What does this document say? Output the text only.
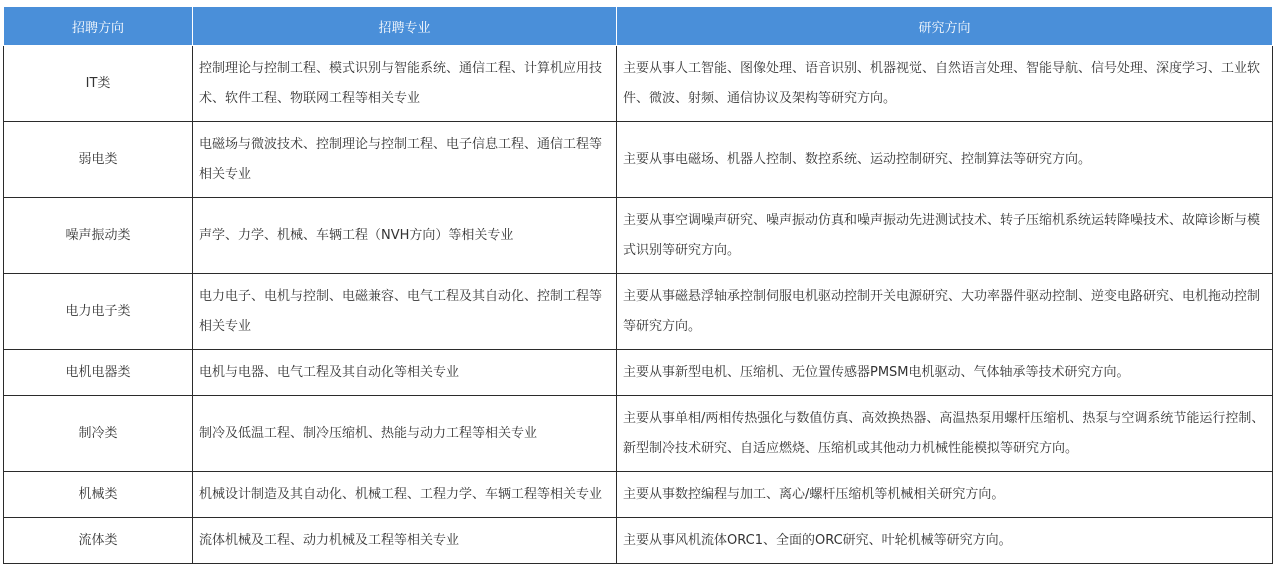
招聘方向	招聘专业	研究方向
IT类	控制理论与控制工程、模式识别与智能系统、通信工程、计算机应用技术、软件工程、物联网工程等相关专业	主要从事人工智能、图像处理、语音识别、机器视觉、自然语言处理、智能导航、信号处理、深度学习、工业软件、微波、射频、通信协议及架构等研究方向。
弱电类	电磁场与微波技术、控制理论与控制工程、电子信息工程、通信工程等相关专业	主要从事电磁场、机器人控制、数控系统、运动控制研究、控制算法等研究方向。
噪声振动类	声学、力学、机械、车辆工程（NVH方向）等相关专业	主要从事空调噪声研究、噪声振动仿真和噪声振动先进测试技术、转子压缩机系统运转降噪技术、故障诊断与模式识别等研究方向。
电力电子类	电力电子、电机与控制、电磁兼容、电气工程及其自动化、控制工程等相关专业	主要从事磁悬浮轴承控制伺服电机驱动控制开关电源研究、大功率器件驱动控制、逆变电路研究、电机拖动控制等研究方向。
电机电器类	电机与电器、电气工程及其自动化等相关专业	主要从事新型电机、压缩机、无位置传感器PMSM电机驱动、气体轴承等技术研究方向。
制冷类	制冷及低温工程、制冷压缩机、热能与动力工程等相关专业	主要从事单相/两相传热强化与数值仿真、高效换热器、高温热泵用螺杆压缩机、热泵与空调系统节能运行控制、新型制冷技术研究、自适应燃烧、压缩机或其他动力机械性能模拟等研究方向。
机械类	机械设计制造及其自动化、机械工程、工程力学、车辆工程等相关专业	主要从事数控编程与加工、离心/螺杆压缩机等机械相关研究方向。
流体类	流体机械及工程、动力机械及工程等相关专业	主要从事风机流体ORC1、全面的ORC研究、叶轮机械等研究方向。
